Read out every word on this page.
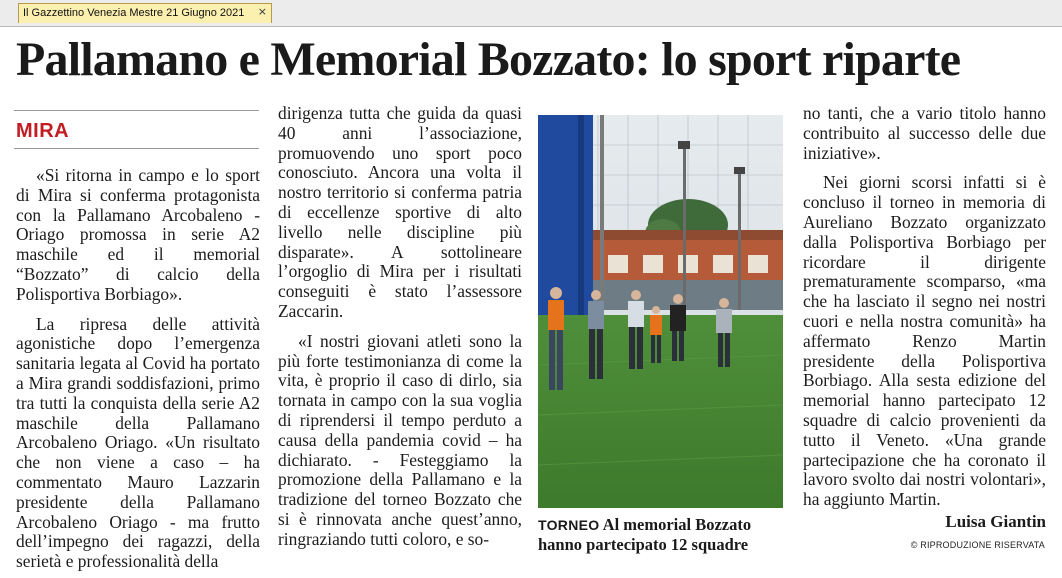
Il Gazzettino Venezia Mestre 21 Giugno 2021 ×
Pallamano e Memorial Bozzato: lo sport riparte
MIRA

«Si ritorna in campo e lo sport di Mira si conferma protagonista con la Pallamano Arcobaleno - Oriago promossa in serie A2 maschile ed il memorial “Bozzato” di calcio della Polisportiva Borbiago».

La ripresa delle attività agonistiche dopo l’emergenza sanitaria legata al Covid ha portato a Mira grandi soddisfazioni, primo tra tutti la conquista della serie A2 maschile della Pallamano Arcobaleno Oriago. «Un risultato che non viene a caso – ha commentato Mauro Lazzarin presidente della Pallamano Arcobaleno Oriago - ma frutto dell’impegno dei ragazzi, della serietà e professionalità della

dirigenza tutta che guida da quasi 40 anni l’associazione, promuovendo uno sport poco conosciuto. Ancora una volta il nostro territorio si conferma patria di eccellenze sportive di alto livello nelle discipline più disparate». A sottolineare l’orgoglio di Mira per i risultati conseguiti è stato l’assessore Zaccarin.

«I nostri giovani atleti sono la più forte testimonianza di come la vita, è proprio il caso di dirlo, sia tornata in campo con la sua voglia di riprendersi il tempo perduto a causa della pandemia covid – ha dichiarato. - Festeggiamo la promozione della Pallamano e la tradizione del torneo Bozzato che si è rinnovata anche quest’anno, ringraziando tutti coloro, e so-

no tanti, che a vario titolo hanno contribuito al successo delle due iniziative».

Nei giorni scorsi infatti si è concluso il torneo in memoria di Aureliano Bozzato organizzato dalla Polisportiva Borbiago per ricordare il dirigente prematuramente scomparso, «ma che ha lasciato il segno nei nostri cuori e nella nostra comunità» ha affermato Renzo Martin presidente della Polisportiva Borbiago. Alla sesta edizione del memorial hanno partecipato 12 squadre di calcio provenienti da tutto il Veneto. «Una grande partecipazione che ha coronato il lavoro svolto dai nostri volontari», ha aggiunto Martin.

TORNEO Al memorial Bozzato hanno partecipato 12 squadre
Luisa Giantin
© RIPRODUZIONE RISERVATA
